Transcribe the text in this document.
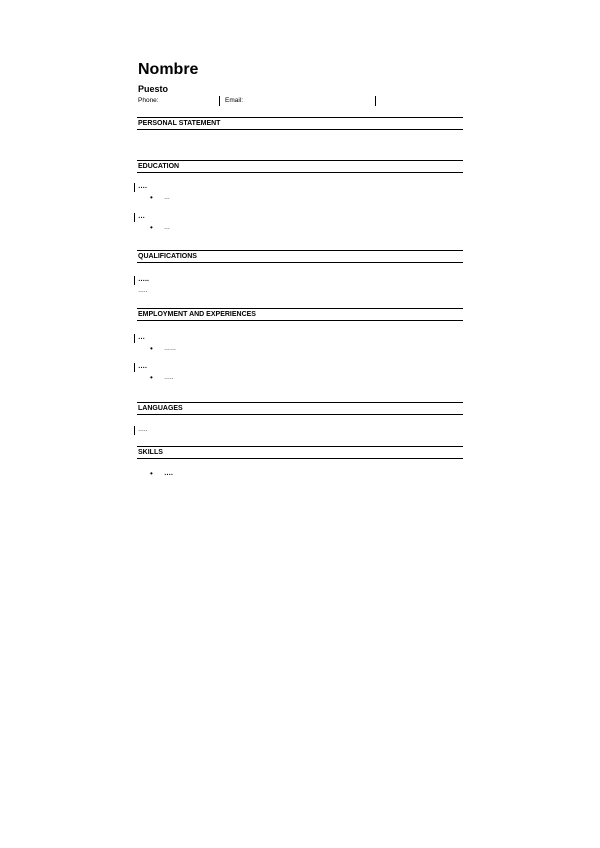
Nombre
Puesto
Phone:	Email:
PERSONAL STATEMENT
EDUCATION
….
• …
…
• …
QUALIFICATIONS
…..
…..
EMPLOYMENT AND EXPERIENCES
…
• ……
….
• …..
LANGUAGES
…..
SKILLS
• ….
